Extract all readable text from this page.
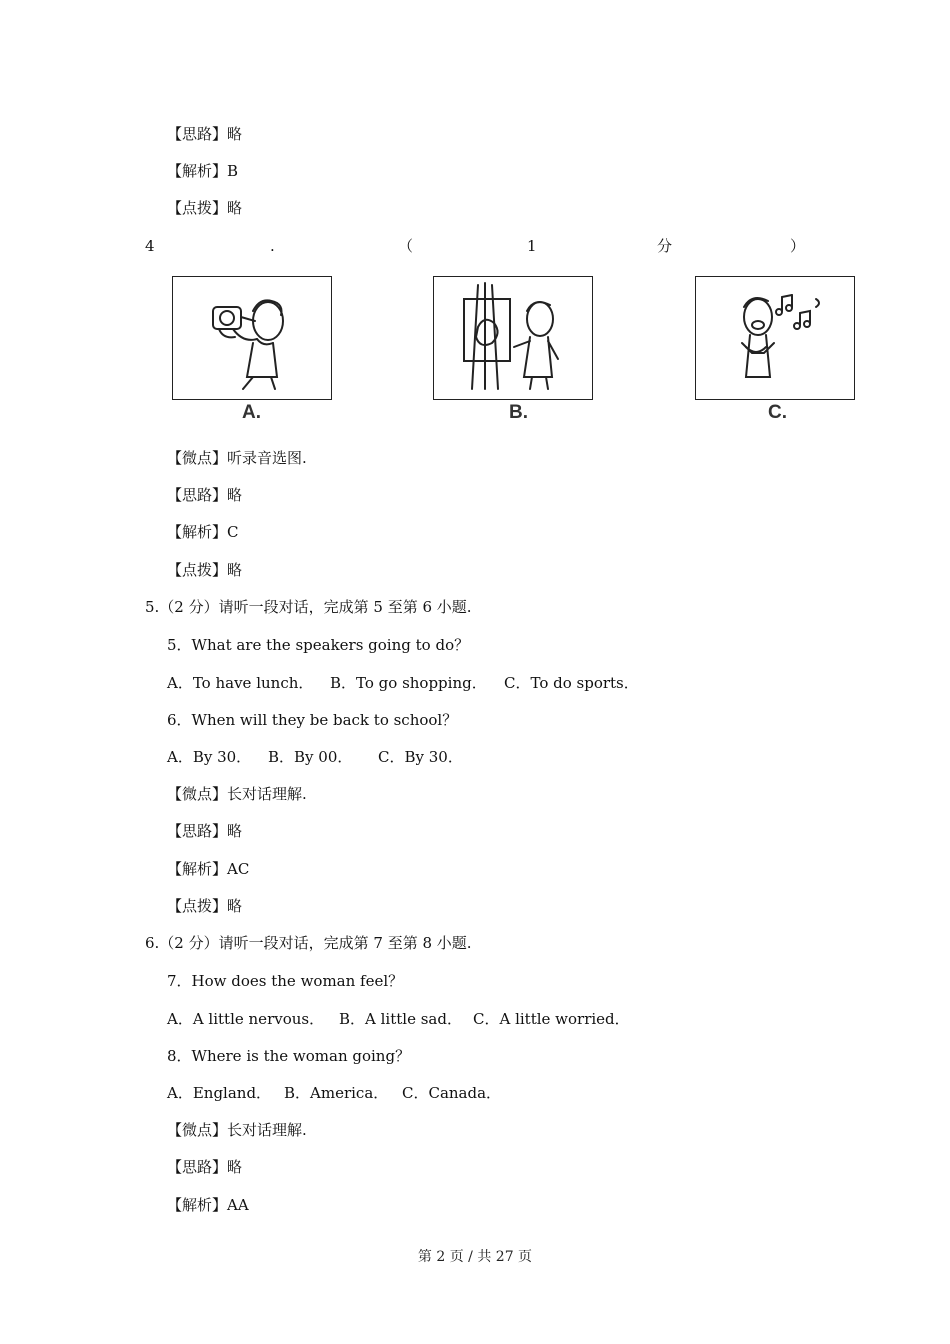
【思路】略
【解析】B
【点拨】略
4	.	（	1	分	）
A.	B.	C.
【微点】听录音选图.
【思路】略
【解析】C
【点拨】略
5.（2 分）请听一段对话，完成第 5 至第 6 小题.
5．What are the speakers going to do？
A．To have lunch． B．To go shopping． C．To do sports．
6．When will they be back to school？
A．By 30． B．By 00． C．By 30．
【微点】长对话理解.
【思路】略
【解析】AC
【点拨】略
6.（2 分）请听一段对话，完成第 7 至第 8 小题.
7．How does the woman feel？
A．A little nervous． B．A little sad． C．A little worried．
8．Where is the woman going？
A．England． B．America． C．Canada．
【微点】长对话理解.
【思路】略
【解析】AA
第 2 页 / 共 27 页
